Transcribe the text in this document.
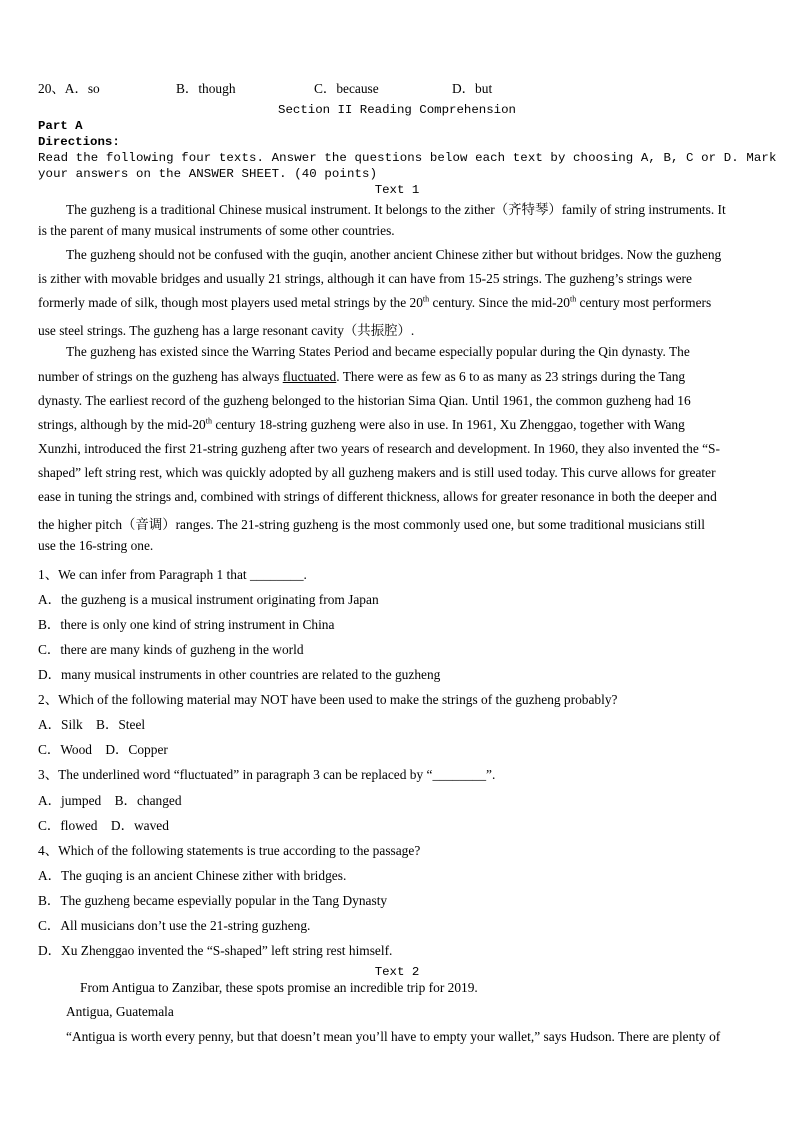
20、A．so	B．though	C．because	D．but
Section II Reading Comprehension
Part A
Directions:
Read the following four texts. Answer the questions below each text by choosing A, B, C or D. Mark
your answers on the ANSWER SHEET. (40 points)
Text 1
The guzheng is a traditional Chinese musical instrument. It belongs to the zither（齐特琴）family of string instruments. It
is the parent of many musical instruments of some other countries.
The guzheng should not be confused with the guqin, another ancient Chinese zither but without bridges. Now the guzheng
is zither with movable bridges and usually 21 strings, although it can have from 15-25 strings. The guzheng’s strings were
formerly made of silk, though most players used metal strings by the 20th century. Since the mid-20th century most performers
use steel strings. The guzheng has a large resonant cavity（共振腔）.
The guzheng has existed since the Warring States Period and became especially popular during the Qin dynasty. The
number of strings on the guzheng has always fluctuated. There were as few as 6 to as many as 23 strings during the Tang
dynasty. The earliest record of the guzheng belonged to the historian Sima Qian. Until 1961, the common guzheng had 16
strings, although by the mid-20th century 18-string guzheng were also in use. In 1961, Xu Zhenggao, together with Wang
Xunzhi, introduced the first 21-string guzheng after two years of research and development. In 1960, they also invented the “S-
shaped” left string rest, which was quickly adopted by all guzheng makers and is still used today. This curve allows for greater
ease in tuning the strings and, combined with strings of different thickness, allows for greater resonance in both the deeper and
the higher pitch（音调）ranges. The 21-string guzheng is the most commonly used one, but some traditional musicians still
use the 16-string one.
1、We can infer from Paragraph 1 that ________.
A．the guzheng is a musical instrument originating from Japan
B．there is only one kind of string instrument in China
C．there are many kinds of guzheng in the world
D．many musical instruments in other countries are related to the guzheng
2、Which of the following material may NOT have been used to make the strings of the guzheng probably?
A．Silk　B．Steel
C．Wood　D．Copper
3、The underlined word “fluctuated” in paragraph 3 can be replaced by “________”.
A．jumped　B．changed
C．flowed　D．waved
4、Which of the following statements is true according to the passage?
A．The guqing is an ancient Chinese zither with bridges.
B．The guzheng became espevially popular in the Tang Dynasty
C．All musicians don’t use the 21-string guzheng.
D．Xu Zhenggao invented the “S-shaped” left string rest himself.
Text 2
From Antigua to Zanzibar, these spots promise an incredible trip for 2019.
Antigua, Guatemala
“Antigua is worth every penny, but that doesn’t mean you’ll have to empty your wallet,” says Hudson. There are plenty of
